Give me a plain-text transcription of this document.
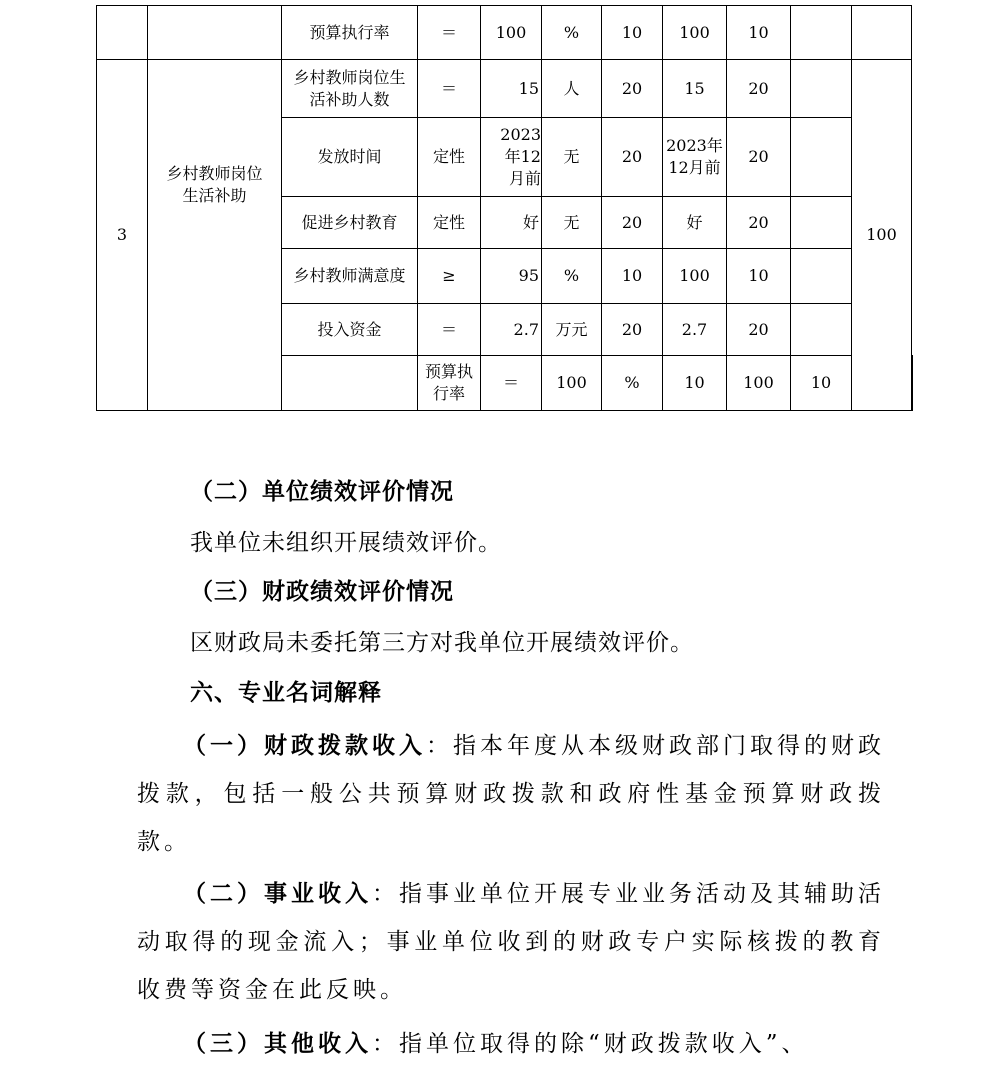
		预算执行率	＝	100	%	10	100	10			
3	乡村教师岗位生活补助	乡村教师岗位生活补助人数	＝	15	人	20	15	20		100	
		发放时间	定性	2023年12月前	无	20	2023年12月前	20			
		促进乡村教育	定性	好	无	20	好	20			
		乡村教师满意度	≥	95	%	10	100	10			
		投入资金	＝	2.7	万元	20	2.7	20			
			预算执行率	＝	100	%	10	100	10		
（二）单位绩效评价情况
我单位未组织开展绩效评价。
（三）财政绩效评价情况
区财政局未委托第三方对我单位开展绩效评价。
六、专业名词解释
（一）财政拨款收入：指本年度从本级财政部门取得的财政拨款，包括一般公共预算财政拨款和政府性基金预算财政拨款。
（二）事业收入：指事业单位开展专业业务活动及其辅助活动取得的现金流入；事业单位收到的财政专户实际核拨的教育收费等资金在此反映。
（三）其他收入：指单位取得的除“财政拨款收入”、
